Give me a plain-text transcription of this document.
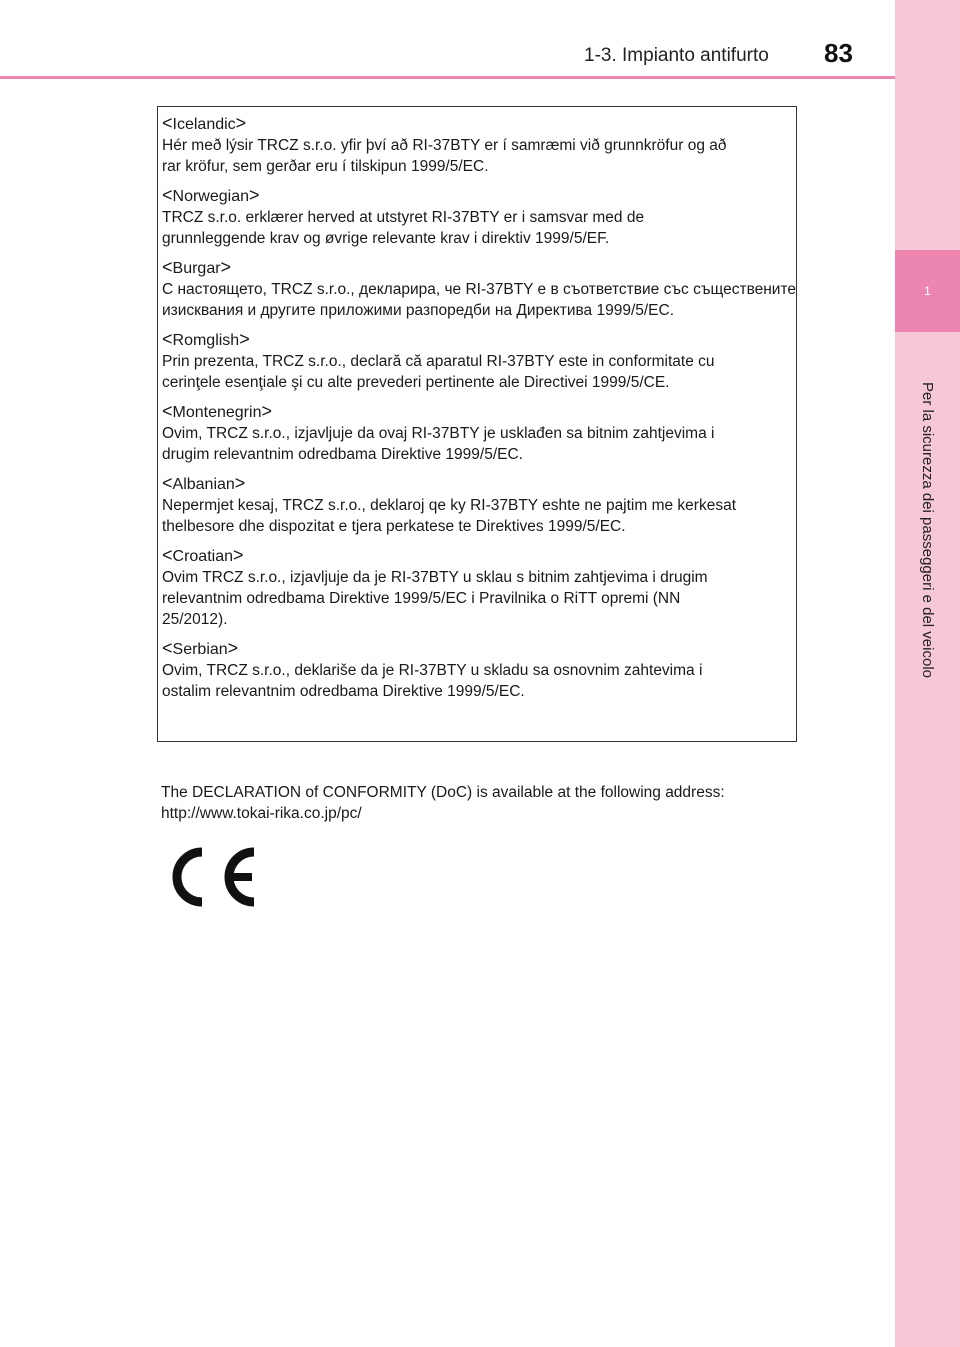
1
Per la sicurezza dei passeggeri e del veicolo
1-3. Impianto antifurto 83
<Icelandic>
Hér með lýsir TRCZ s.r.o. yfir því að RI-37BTY er í samræmi við grunnkröfur og að
rar kröfur, sem gerðar eru í tilskipun 1999/5/EC.
<Norwegian>
TRCZ s.r.o. erklærer herved at utstyret RI-37BTY er i samsvar med de
grunnleggende krav og øvrige relevante krav i direktiv 1999/5/EF.
<Burgar>
С настоящето, TRCZ s.r.o., декларира, че RI-37BTY е в съответствие със съществените изисквания и другите приложими разпоредби на Директива 1999/5/EC.
<Romglish>
Prin prezenta, TRCZ s.r.o., declară că aparatul RI-37BTY este in conformitate cu
cerinţele esenţiale şi cu alte prevederi pertinente ale Directivei 1999/5/CE.
<Montenegrin>
Ovim, TRCZ s.r.o., izjavljuje da ovaj RI-37BTY je usklađen sa bitnim zahtjevima i
drugim relevantnim odredbama Direktive 1999/5/EC.
<Albanian>
Nepermjet kesaj, TRCZ s.r.o., deklaroj qe ky RI-37BTY eshte ne pajtim me kerkesat
thelbesore dhe dispozitat e tjera perkatese te Direktives 1999/5/EC.
<Croatian>
Ovim TRCZ s.r.o., izjavljuje da je RI-37BTY u sklau s bitnim zahtjevima i drugim
relevantnim odredbama Direktive 1999/5/EC i Pravilnika o RiTT opremi (NN
25/2012).
<Serbian>
Ovim, TRCZ s.r.o., deklariše da je RI-37BTY u skladu sa osnovnim zahtevima i
ostalim relevantnim odredbama Direktive 1999/5/EC.
The DECLARATION of CONFORMITY (DoC) is available at the following address:
http://www.tokai-rika.co.jp/pc/
